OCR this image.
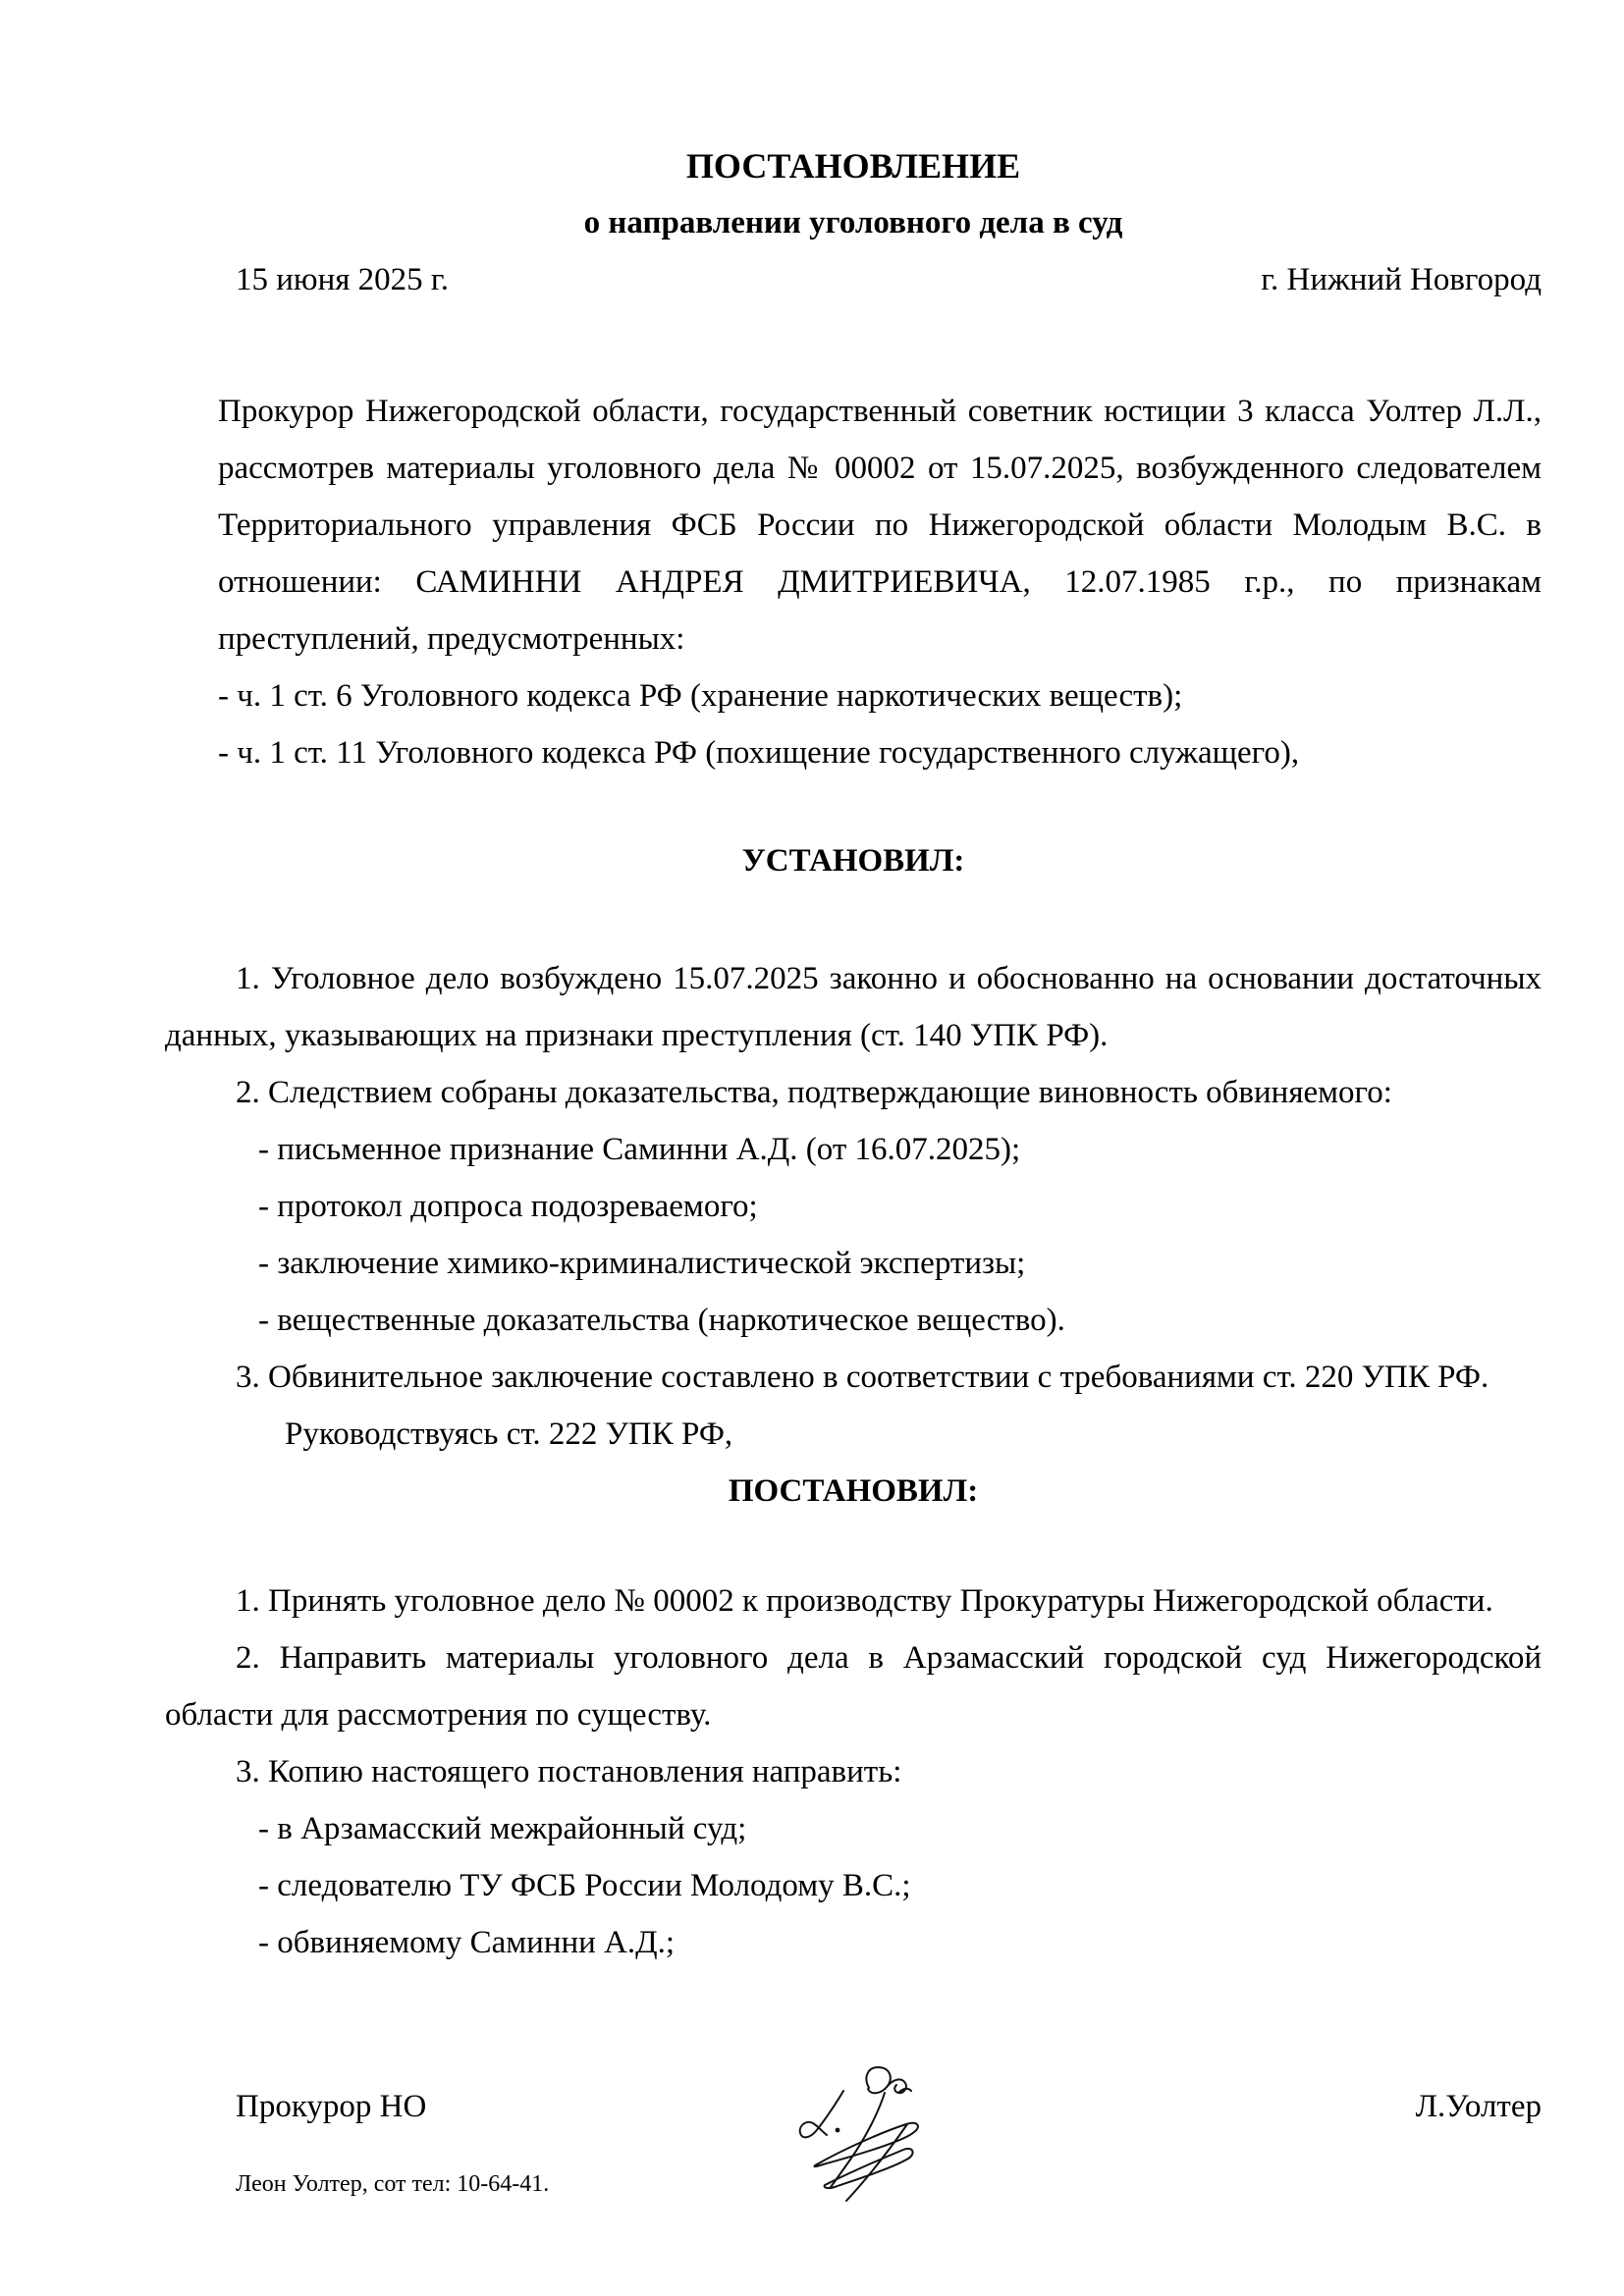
ПОСТАНОВЛЕНИЕ
о направлении уголовного дела в суд
15 июня 2025 г.	г. Нижний Новгород
Прокурор Нижегородской области, государственный советник юстиции 3 класса Уолтер Л.Л., рассмотрев материалы уголовного дела № 00002 от 15.07.2025, возбужденного следователем Территориального управления ФСБ России по Нижегородской области Молодым В.С. в отношении: САМИННИ АНДРЕЯ ДМИТРИЕВИЧА, 12.07.1985 г.р., по признакам преступлений, предусмотренных:
- ч. 1 ст. 6 Уголовного кодекса РФ (хранение наркотических веществ);
- ч. 1 ст. 11 Уголовного кодекса РФ (похищение государственного служащего),
УСТАНОВИЛ:
1. Уголовное дело возбуждено 15.07.2025 законно и обоснованно на основании достаточных данных, указывающих на признаки преступления (ст. 140 УПК РФ).
2. Следствием собраны доказательства, подтверждающие виновность обвиняемого:
- письменное признание Саминни А.Д. (от 16.07.2025);
- протокол допроса подозреваемого;
- заключение химико-криминалистической экспертизы;
- вещественные доказательства (наркотическое вещество).
3. Обвинительное заключение составлено в соответствии с требованиями ст. 220 УПК РФ.
Руководствуясь ст. 222 УПК РФ,
ПОСТАНОВИЛ:
1. Принять уголовное дело № 00002 к производству Прокуратуры Нижегородской области.
2. Направить материалы уголовного дела в Арзамасский городской суд Нижегородской области для рассмотрения по существу.
3. Копию настоящего постановления направить:
- в Арзамасский межрайонный суд;
- следователю ТУ ФСБ России Молодому В.С.;
- обвиняемому Саминни А.Д.;
Прокурор НО	Л.Уолтер
Леон Уолтер, сот тел: 10-64-41.
